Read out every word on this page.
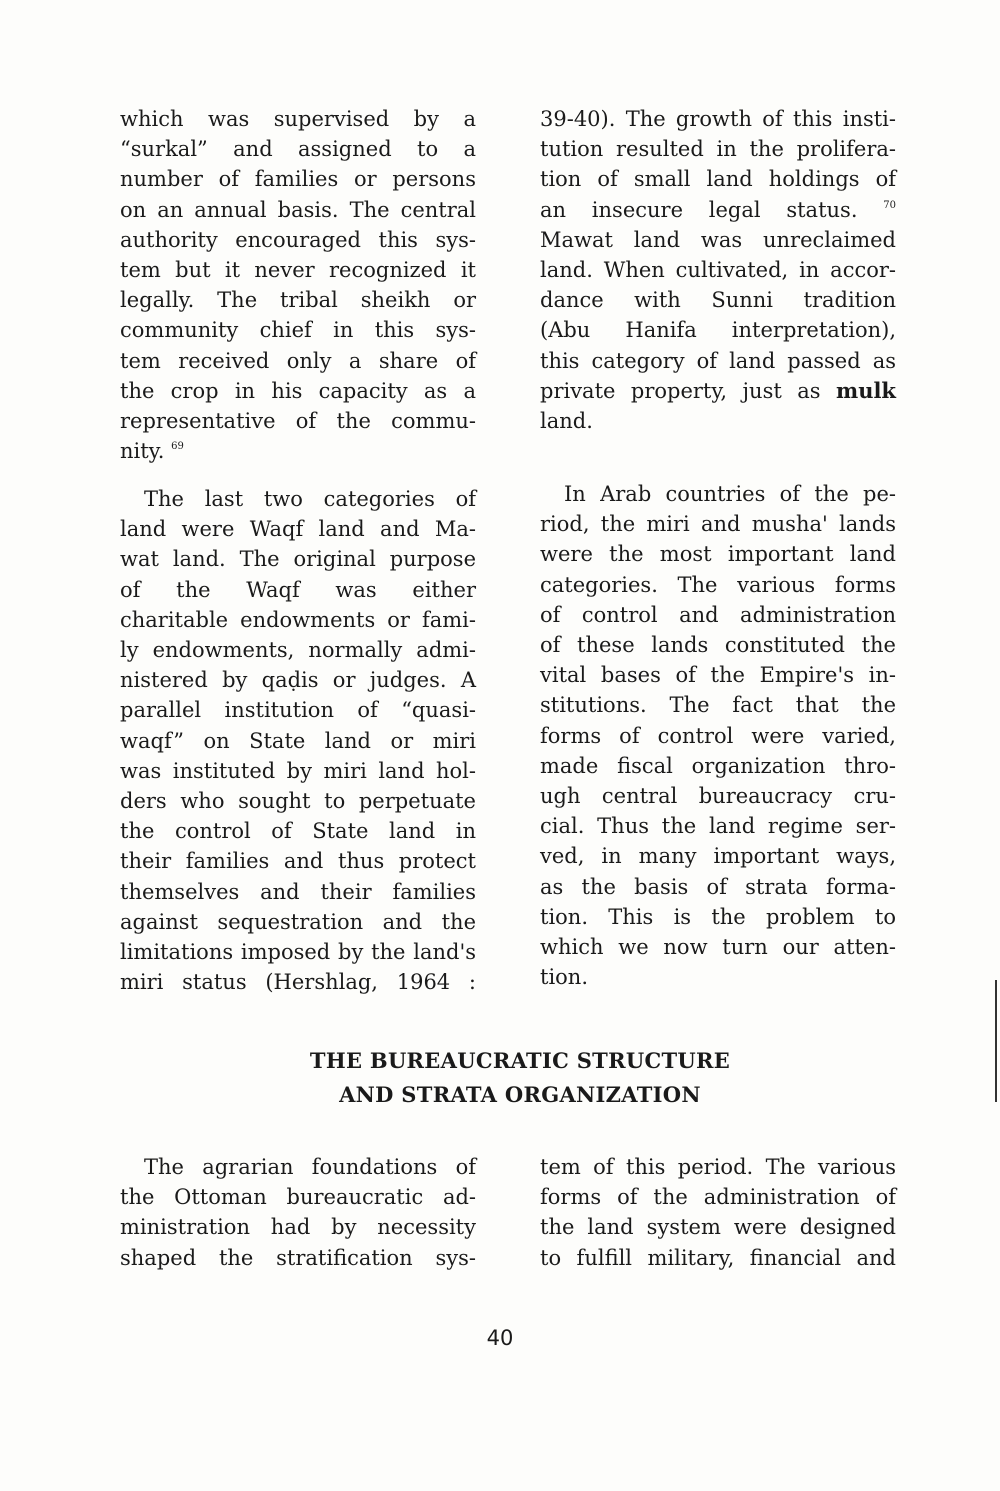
which was supervised by a
“surkal” and assigned to a
number of families or persons
on an annual basis. The central
authority encouraged this sys-
tem but it never recognized it
legally. The tribal sheikh or
community chief in this sys-
tem received only a share of
the crop in his capacity as a
representative of the commu-
nity. $^{69}$
The last two categories of
land were Waqf land and Ma-
wat land. The original purpose
of the Waqf was either
charitable endowments or fami-
ly endowments, normally admi-
nistered by qaḍis or judges. A
parallel institution of “quasi-
waqf” on State land or miri
was instituted by miri land hol-
ders who sought to perpetuate
the control of State land in
their families and thus protect
themselves and their families
against sequestration and the
limitations imposed by the land's
miri status (Hershlag, 1964 :
39-40). The growth of this insti-
tution resulted in the prolifera-
tion of small land holdings of
an insecure legal status.	$^{70}$
Mawat land was unreclaimed
land. When cultivated, in accor-
dance with Sunni tradition
(Abu Hanifa interpretation),
this category of land passed as
private property, just as mulk
land.
In Arab countries of the pe-
riod, the miri and musha' lands
were the most important land
categories. The various forms
of control and administration
of these lands constituted the
vital bases of the Empire's in-
stitutions. The fact that the
forms of control were varied,
made fiscal organization thro-
ugh central bureaucracy cru-
cial. Thus the land regime ser-
ved, in many important ways,
as the basis of strata forma-
tion. This is the problem to
which we now turn our atten-
tion.
THE BUREAUCRATIC STRUCTURE
AND STRATA ORGANIZATION
The agrarian foundations of
the Ottoman bureaucratic ad-
ministration had by necessity
shaped the stratification sys-
tem of this period. The various
forms of the administration of
the land system were designed
to fulfill military, financial and
40
